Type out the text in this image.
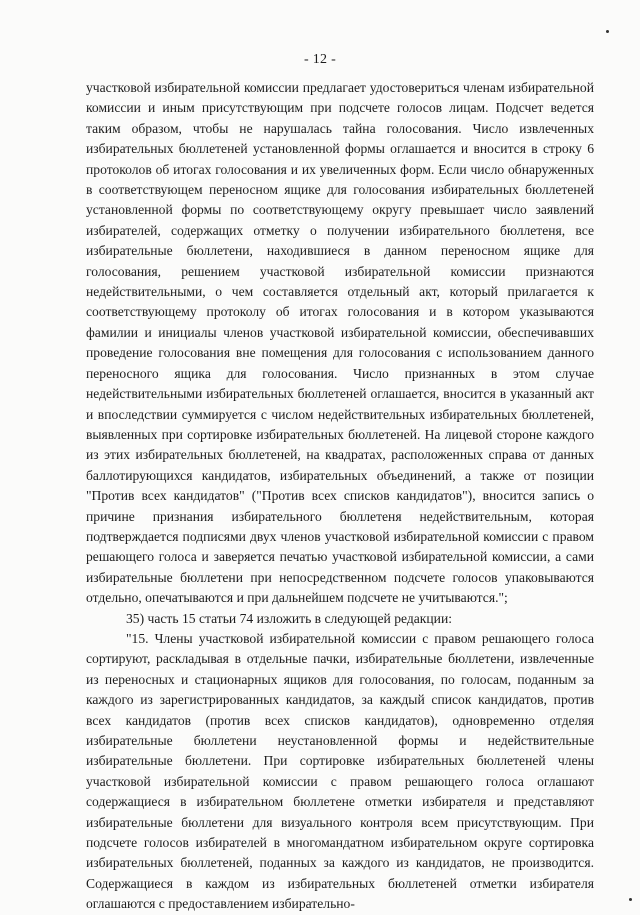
- 12 -

участковой избирательной комиссии предлагает удостовериться членам избирательной комиссии и иным присутствующим при подсчете голосов лицам. Подсчет ведется таким образом, чтобы не нарушалась тайна голосования. Число извлеченных избирательных бюллетеней установленной формы оглашается и вносится в строку 6 протоколов об итогах голосования и их увеличенных форм. Если число обнаруженных в соответствующем переносном ящике для голосования избирательных бюллетеней установленной формы по соответствующему округу превышает число заявлений избирателей, содержащих отметку о получении избирательного бюллетеня, все избирательные бюллетени, находившиеся в данном переносном ящике для голосования, решением участковой избирательной комиссии признаются недействительными, о чем составляется отдельный акт, который прилагается к соответствующему протоколу об итогах голосования и в котором указываются фамилии и инициалы членов участковой избирательной комиссии, обеспечивавших проведение голосования вне помещения для голосования с использованием данного переносного ящика для голосования. Число признанных в этом случае недействительными избирательных бюллетеней оглашается, вносится в указанный акт и впоследствии суммируется с числом недействительных избирательных бюллетеней, выявленных при сортировке избирательных бюллетеней. На лицевой стороне каждого из этих избирательных бюллетеней, на квадратах, расположенных справа от данных баллотирующихся кандидатов, избирательных объединений, а также от позиции "Против всех кандидатов" ("Против всех списков кандидатов"), вносится запись о причине признания избирательного бюллетеня недействительным, которая подтверждается подписями двух членов участковой избирательной комиссии с правом решающего голоса и заверяется печатью участковой избирательной комиссии, а сами избирательные бюллетени при непосредственном подсчете голосов упаковываются отдельно, опечатываются и при дальнейшем подсчете не учитываются.";

35) часть 15 статьи 74 изложить в следующей редакции:

"15. Члены участковой избирательной комиссии с правом решающего голоса сортируют, раскладывая в отдельные пачки, избирательные бюллетени, извлеченные из переносных и стационарных ящиков для голосования, по голосам, поданным за каждого из зарегистрированных кандидатов, за каждый список кандидатов, против всех кандидатов (против всех списков кандидатов), одновременно отделяя избирательные бюллетени неустановленной формы и недействительные избирательные бюллетени. При сортировке избирательных бюллетеней члены участковой избирательной комиссии с правом решающего голоса оглашают содержащиеся в избирательном бюллетене отметки избирателя и представляют избирательные бюллетени для визуального контроля всем присутствующим. При подсчете голосов избирателей в многомандатном избирательном округе сортировка избирательных бюллетеней, поданных за каждого из кандидатов, не производится. Содержащиеся в каждом из избирательных бюллетеней отметки избирателя оглашаются с предоставлением избирательно-
